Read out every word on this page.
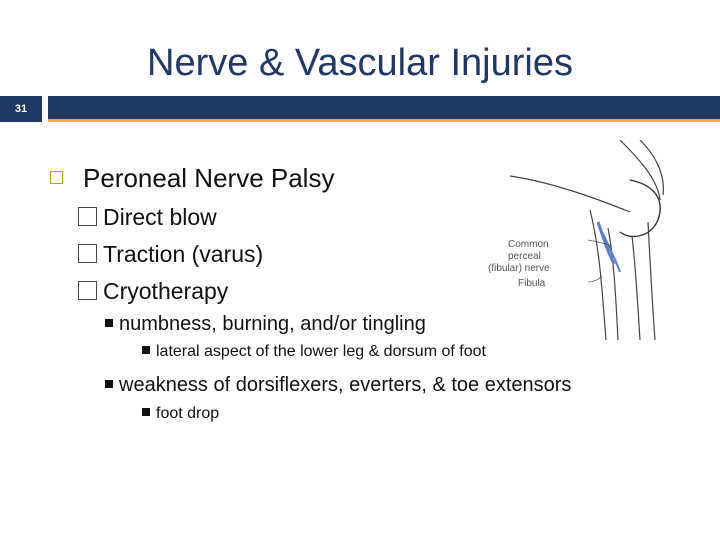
Nerve & Vascular Injuries
31
Common
perceal
(fibular) nerve
Fibula
Peroneal Nerve Palsy
Direct blow
Traction (varus)
Cryotherapy
numbness, burning, and/or tingling
lateral aspect of the lower leg & dorsum of foot
weakness of dorsiflexers, everters, & toe extensors
foot drop
